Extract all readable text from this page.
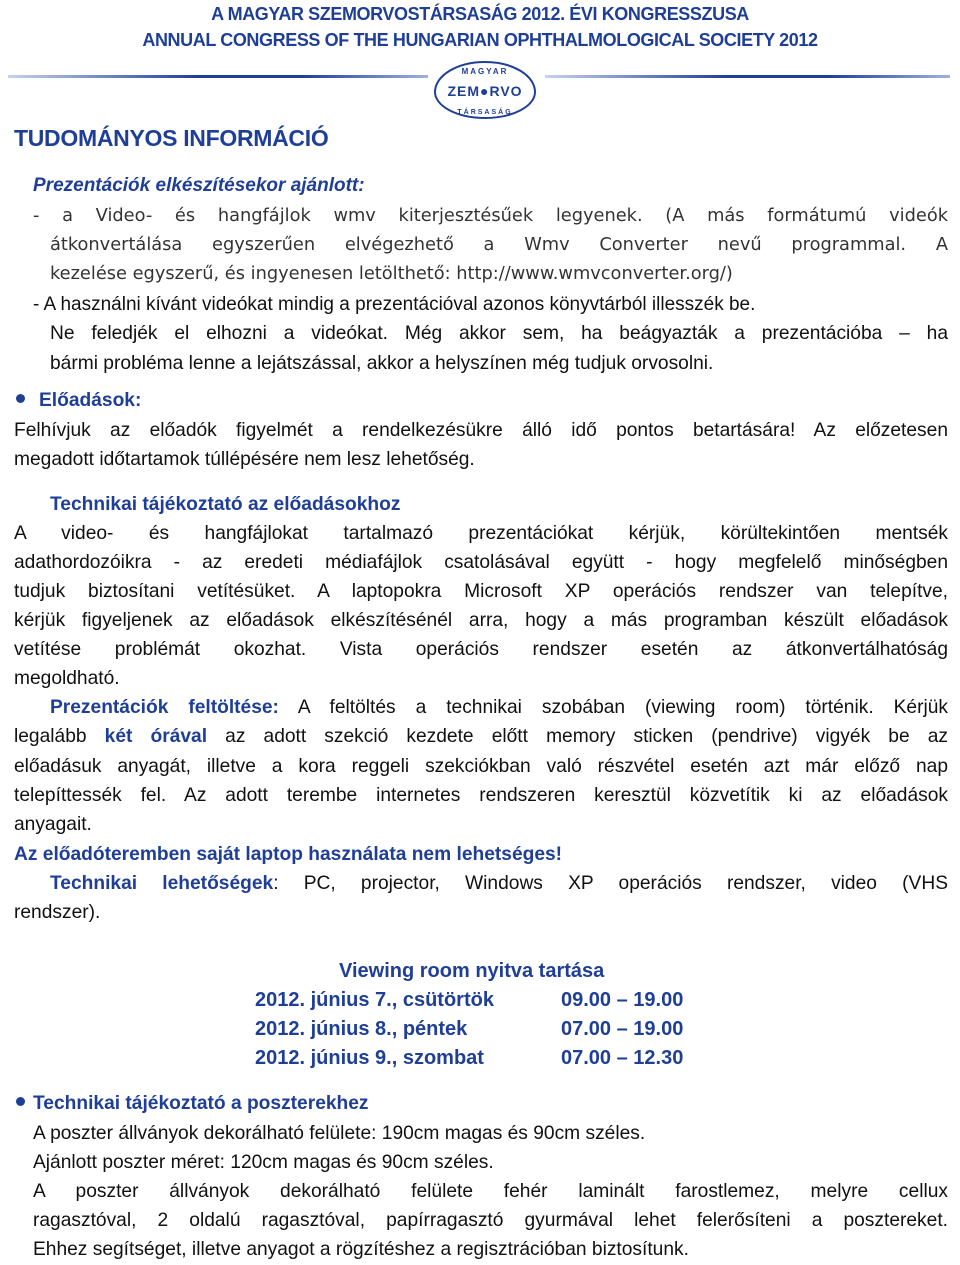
A MAGYAR SZEMORVOSTÁRSASÁG 2012. ÉVI KONGRESSZUSA
ANNUAL CONGRESS OF THE HUNGARIAN OPHTHALMOLOGICAL SOCIETY 2012
MAGYAR
ZEM●RVO
TÁRSASÁG
TUDOMÁNYOS INFORMÁCIÓ
Prezentációk elkészítésekor ajánlott:
- a Video- és hangfájlok wmv kiterjesztésűek legyenek. (A más formátumú videók
átkonvertálása egyszerűen elvégezhető a Wmv Converter nevű programmal. A
kezelése egyszerű, és ingyenesen letölthető: http://www.wmvconverter.org/)
- A használni kívánt videókat mindig a prezentációval azonos könyvtárból illesszék be.
Ne feledjék el elhozni a videókat. Még akkor sem, ha beágyazták a prezentációba – ha
bármi probléma lenne a lejátszással, akkor a helyszínen még tudjuk orvosolni.
Előadások:
Felhívjuk az előadók figyelmét a rendelkezésükre álló idő pontos betartására! Az előzetesen
megadott időtartamok túllépésére nem lesz lehetőség.
Technikai tájékoztató az előadásokhoz
A video- és hangfájlokat tartalmazó prezentációkat kérjük, körültekintően mentsék
adathordozóikra - az eredeti médiafájlok csatolásával együtt - hogy megfelelő minőségben
tudjuk biztosítani vetítésüket. A laptopokra Microsoft XP operációs rendszer van telepítve,
kérjük figyeljenek az előadások elkészítésénél arra, hogy a más programban készült előadások
vetítése problémát okozhat. Vista operációs rendszer esetén az átkonvertálhatóság
megoldható.
Prezentációk feltöltése: A feltöltés a technikai szobában (viewing room) történik. Kérjük
legalább két órával az adott szekció kezdete előtt memory sticken (pendrive) vigyék be az
előadásuk anyagát, illetve a kora reggeli szekciókban való részvétel esetén azt már előző nap
telepíttessék fel. Az adott terembe internetes rendszeren keresztül közvetítik ki az előadások
anyagait.
Az előadóteremben saját laptop használata nem lehetséges!
Technikai lehetőségek: PC, projector, Windows XP operációs rendszer, video (VHS
rendszer).
Viewing room nyitva tartása
2012. június 7., csütörtök	09.00 – 19.00
2012. június 8., péntek	07.00 – 19.00
2012. június 9., szombat	07.00 – 12.30
Technikai tájékoztató a poszterekhez
A poszter állványok dekorálható felülete: 190cm magas és 90cm széles.
Ajánlott poszter méret: 120cm magas és 90cm széles.
A poszter állványok dekorálható felülete fehér laminált farostlemez, melyre cellux
ragasztóval, 2 oldalú ragasztóval, papírragasztó gyurmával lehet felerősíteni a posztereket.
Ehhez segítséget, illetve anyagot a rögzítéshez a regisztrációban biztosítunk.
